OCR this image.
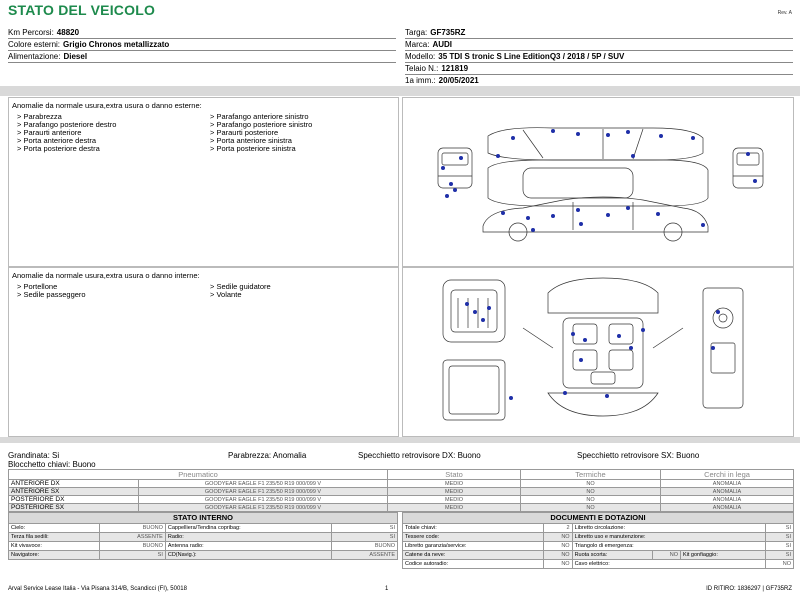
STATO DEL VEICOLO	Rev. A
Km Percorsi: 48820
Colore esterni: Grigio Chronos metallizzato
Alimentazione: Diesel
Targa: GF735RZ
Marca: AUDI
Modello: 35 TDI S tronic S Line EditionQ3 / 2018 / 5P / SUV
Telaio N.: 121819
1a imm.: 20/05/2021
Anomalie da normale usura,extra usura o danno esterne:
> Parabrezza
> Parafango posteriore destro
> Paraurti anteriore
> Porta anteriore destra
> Porta posteriore destra
> Parafango anteriore sinistro
> Parafango posteriore sinistro
> Paraurti posteriore
> Porta anteriore sinistra
> Porta posteriore sinistra
Anomalie da normale usura,extra usura o danno interne:
> Portellone
> Sedile passeggero
> Sedile guidatore
> Volante
Grandinata: Si	Parabrezza: Anomalia	Specchietto retrovisore DX: Buono	Specchietto retrovisore SX: Buono
Blocchetto chiavi: Buono
Pneumatico		Stato	Termiche	Cerchi in lega
ANTERIORE DX	GOODYEAR EAGLE F1 235/50 R19 000/099 V	MEDIO	NO	ANOMALIA
ANTERIORE SX	GOODYEAR EAGLE F1 235/50 R19 000/099 V	MEDIO	NO	ANOMALIA
POSTERIORE DX	GOODYEAR EAGLE F1 235/50 R19 000/099 V	MEDIO	NO	ANOMALIA
POSTERIORE SX	GOODYEAR EAGLE F1 235/50 R19 000/099 V	MEDIO	NO	ANOMALIA
STATO INTERNO
Cielo:	BUONO	Cappelliera/Tendina copribag:	SI
Terza fila sedili:	ASSENTE	Radio:	SI
Kit vivavoce:	BUONO	Antenna radio:	BUONO
Navigatore:	SI	CD(Navig.):	ASSENTE
DOCUMENTI E DOTAZIONI
Totale chiavi:	2	Libretto circolazione:			SI
Tessere code:	NO	Libretto uso e manutenzione:			SI
Libretto garanzia/service:	NO	Triangolo di emergenza:			SI
Catene da neve:	NO	Ruota scorta:	NO	Kit gonfiaggio:	SI
Codice autoradio:	NO	Cavo elettrico:			NO
Arval Service Lease Italia - Via Pisana 314/B, Scandicci (FI), 50018	1	ID RITIRO: 1836297 | GF735RZ
